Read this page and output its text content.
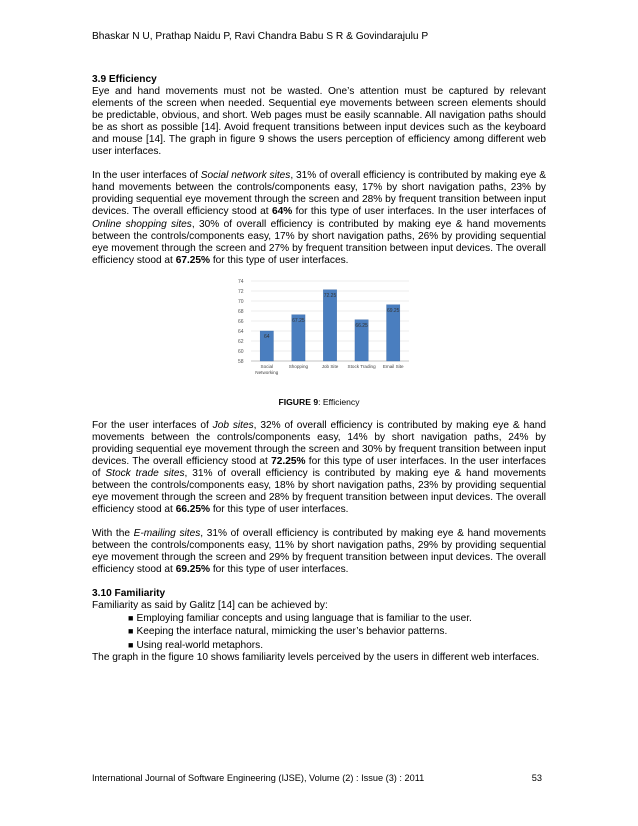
Bhaskar N U, Prathap Naidu P, Ravi Chandra Babu S R & Govindarajulu P
3.9 Efficiency

Eye and hand movements must not be wasted. One’s attention must be captured by relevant elements of the screen when needed. Sequential eye movements between screen elements should be predictable, obvious, and short. Web pages must be easily scannable. All navigation paths should be as short as possible [14]. Avoid frequent transitions between input devices such as the keyboard and mouse [14]. The graph in figure 9 shows the users perception of efficiency among different web user interfaces.

In the user interfaces of Social network sites, 31% of overall efficiency is contributed by making eye & hand movements between the controls/components easy, 17% by short navigation paths, 23% by providing sequential eye movement through the screen and 28% by frequent transition between input devices. The overall efficiency stood at 64% for this type of user interfaces. In the user interfaces of Online shopping sites, 30% of overall efficiency is contributed by making eye & hand movements between the controls/components easy, 17% by short navigation paths, 26% by providing sequential eye movement through the screen and 27% by frequent transition between input devices. The overall efficiency stood at 67.25% for this type of user interfaces.

58
60
62
64
66
68
70
72
74
64
Social
Networking
67.25
Shopping
72.25
Job Site
66.25
Stock Trading
69.25
Email Site
FIGURE 9: Efficiency

For the user interfaces of Job sites, 32% of overall efficiency is contributed by making eye & hand movements between the controls/components easy, 14% by short navigation paths, 24% by providing sequential eye movement through the screen and 30% by frequent transition between input devices. The overall efficiency stood at 72.25% for this type of user interfaces. In the user interfaces of Stock trade sites, 31% of overall efficiency is contributed by making eye & hand movements between the controls/components easy, 18% by short navigation paths, 23% by providing sequential eye movement through the screen and 28% by frequent transition between input devices. The overall efficiency stood at 66.25% for this type of user interfaces.

With the E-mailing sites, 31% of overall efficiency is contributed by making eye & hand movements between the controls/components easy, 11% by short navigation paths, 29% by providing sequential eye movement through the screen and 29% by frequent transition between input devices. The overall efficiency stood at 69.25% for this type of user interfaces.

3.10 Familiarity

Familiarity as said by Galitz [14] can be achieved by:

■ Employing familiar concepts and using language that is familiar to the user.
■ Keeping the interface natural, mimicking the user’s behavior patterns.
■ Using real-world metaphors.

The graph in the figure 10 shows familiarity levels perceived by the users in different web interfaces.

International Journal of Software Engineering (IJSE), Volume (2) : Issue (3) : 2011	53
